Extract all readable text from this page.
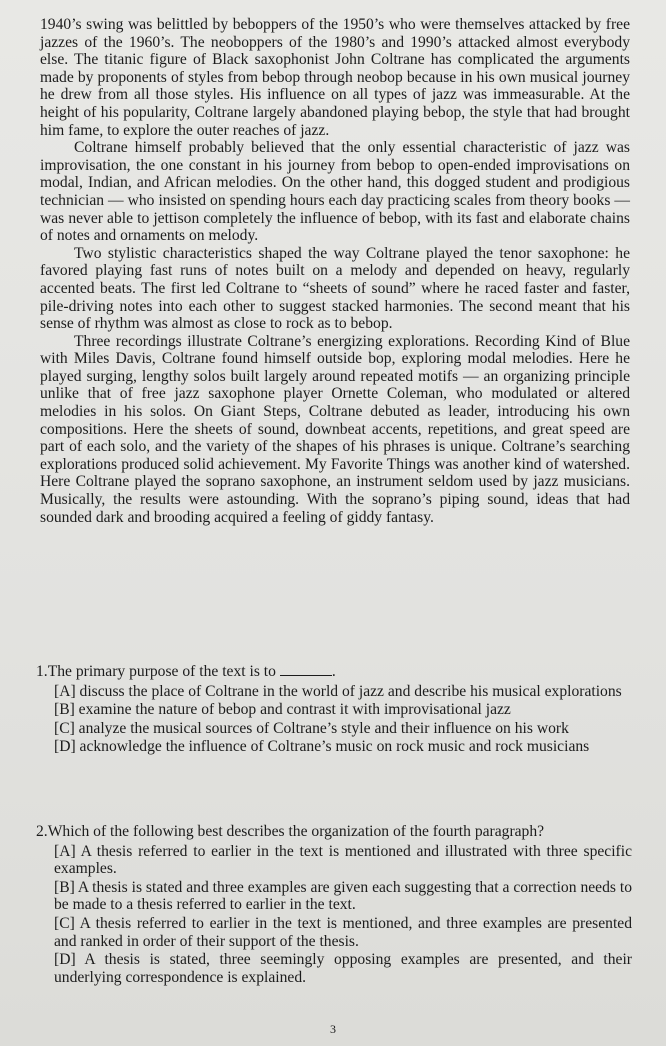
1940’s swing was belittled by beboppers of the 1950’s who were themselves attacked by free jazzes of the 1960’s. The neoboppers of the 1980’s and 1990’s attacked almost everybody else. The titanic figure of Black saxophonist John Coltrane has complicated the arguments made by proponents of styles from bebop through neobop because in his own musical journey he drew from all those styles. His influence on all types of jazz was immeasurable. At the height of his popularity, Coltrane largely abandoned playing bebop, the style that had brought him fame, to explore the outer reaches of jazz.

Coltrane himself probably believed that the only essential characteristic of jazz was improvisation, the one constant in his journey from bebop to open-ended improvisations on modal, Indian, and African melodies. On the other hand, this dogged student and prodigious technician — who insisted on spending hours each day practicing scales from theory books — was never able to jettison completely the influence of bebop, with its fast and elaborate chains of notes and ornaments on melody.

Two stylistic characteristics shaped the way Coltrane played the tenor saxophone: he favored playing fast runs of notes built on a melody and depended on heavy, regularly accented beats. The first led Coltrane to “sheets of sound” where he raced faster and faster, pile-driving notes into each other to suggest stacked harmonies. The second meant that his sense of rhythm was almost as close to rock as to bebop.

Three recordings illustrate Coltrane’s energizing explorations. Recording Kind of Blue with Miles Davis, Coltrane found himself outside bop, exploring modal melodies. Here he played surging, lengthy solos built largely around repeated motifs — an organizing principle unlike that of free jazz saxophone player Ornette Coleman, who modulated or altered melodies in his solos. On Giant Steps, Coltrane debuted as leader, introducing his own compositions. Here the sheets of sound, downbeat accents, repetitions, and great speed are part of each solo, and the variety of the shapes of his phrases is unique. Coltrane’s searching explorations produced solid achievement. My Favorite Things was another kind of watershed. Here Coltrane played the soprano saxophone, an instrument seldom used by jazz musicians. Musically, the results were astounding. With the soprano’s piping sound, ideas that had sounded dark and brooding acquired a feeling of giddy fantasy.

1.The primary purpose of the text is to	.
[A] discuss the place of Coltrane in the world of jazz and describe his musical explorations
[B] examine the nature of bebop and contrast it with improvisational jazz
[C] analyze the musical sources of Coltrane’s style and their influence on his work
[D] acknowledge the influence of Coltrane’s music on rock music and rock musicians
2.Which of the following best describes the organization of the fourth paragraph?
[A] A thesis referred to earlier in the text is mentioned and illustrated with three specific examples.
[B] A thesis is stated and three examples are given each suggesting that a correction needs to be made to a thesis referred to earlier in the text.
[C] A thesis referred to earlier in the text is mentioned, and three examples are presented and ranked in order of their support of the thesis.
[D] A thesis is stated, three seemingly opposing examples are presented, and their underlying correspondence is explained.
3
